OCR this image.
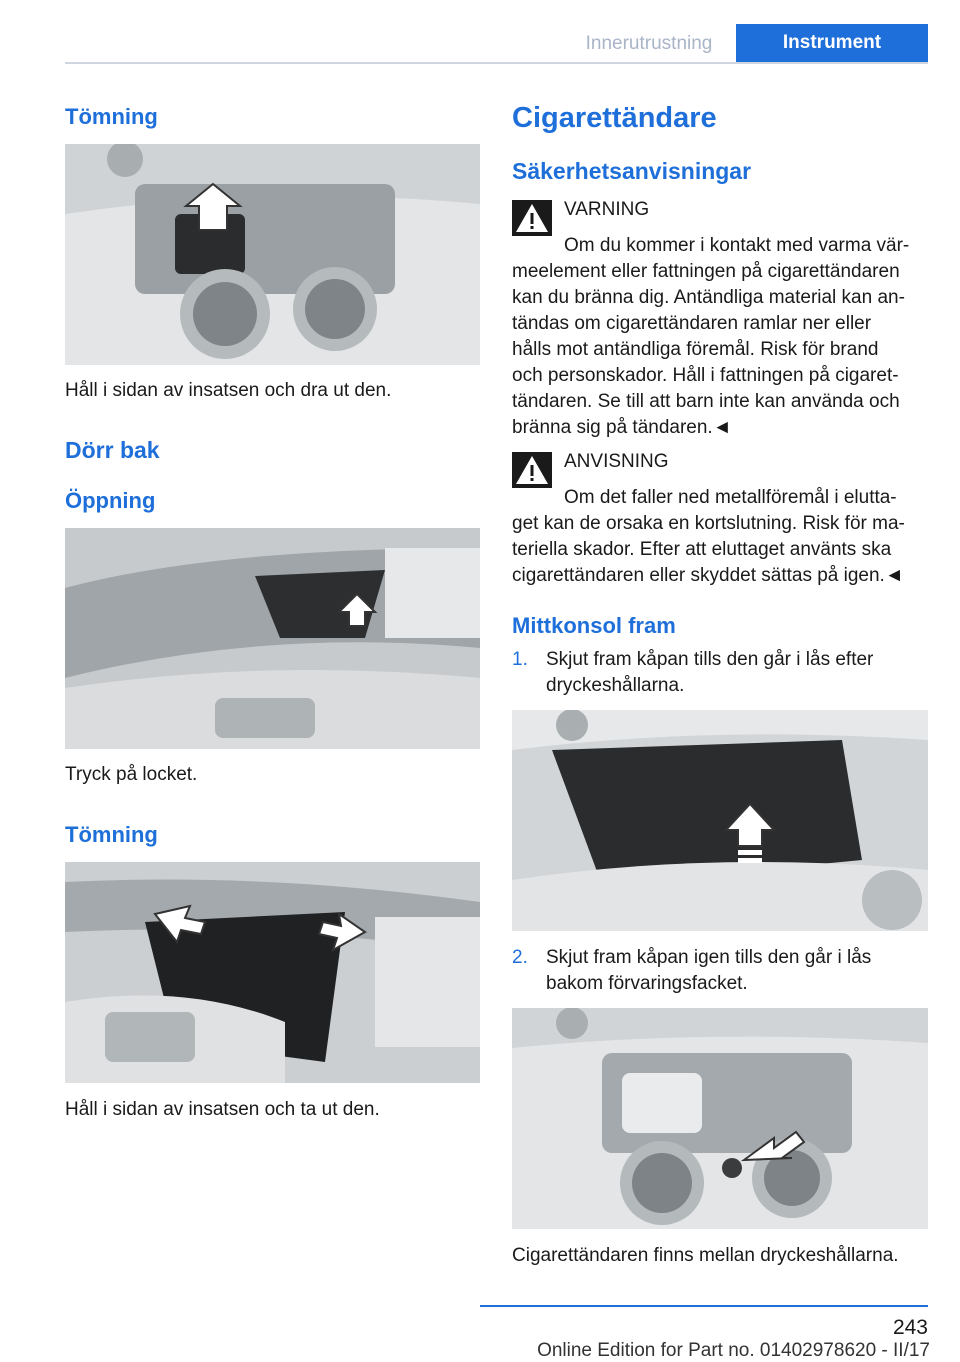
Innerutrustning	Instrument
Tömning
Håll i sidan av insatsen och dra ut den.
Dörr bak
Öppning
Tryck på locket.
Tömning
Håll i sidan av insatsen och ta ut den.
Cigarettändare
Säkerhetsanvisningar
VARNING
Om du kommer i kontakt med varma vär-
meelement eller fattningen på cigarettändaren
kan du bränna dig. Antändliga material kan an-
tändas om cigarettändaren ramlar ner eller
hålls mot antändliga föremål. Risk för brand
och personskador. Håll i fattningen på cigaret-
tändaren. Se till att barn inte kan använda och
bränna sig på tändaren.◄
ANVISNING
Om det faller ned metallföremål i elutta-
get kan de orsaka en kortslutning. Risk för ma-
teriella skador. Efter att eluttaget använts ska
cigarettändaren eller skyddet sättas på igen.◄
Mittkonsol fram
1. Skjut fram kåpan tills den går i lås efter
dryckeshållarna.
2. Skjut fram kåpan igen tills den går i lås
bakom förvaringsfacket.
Cigarettändaren finns mellan dryckeshållarna.
243
Online Edition for Part no. 01402978620 - II/17
